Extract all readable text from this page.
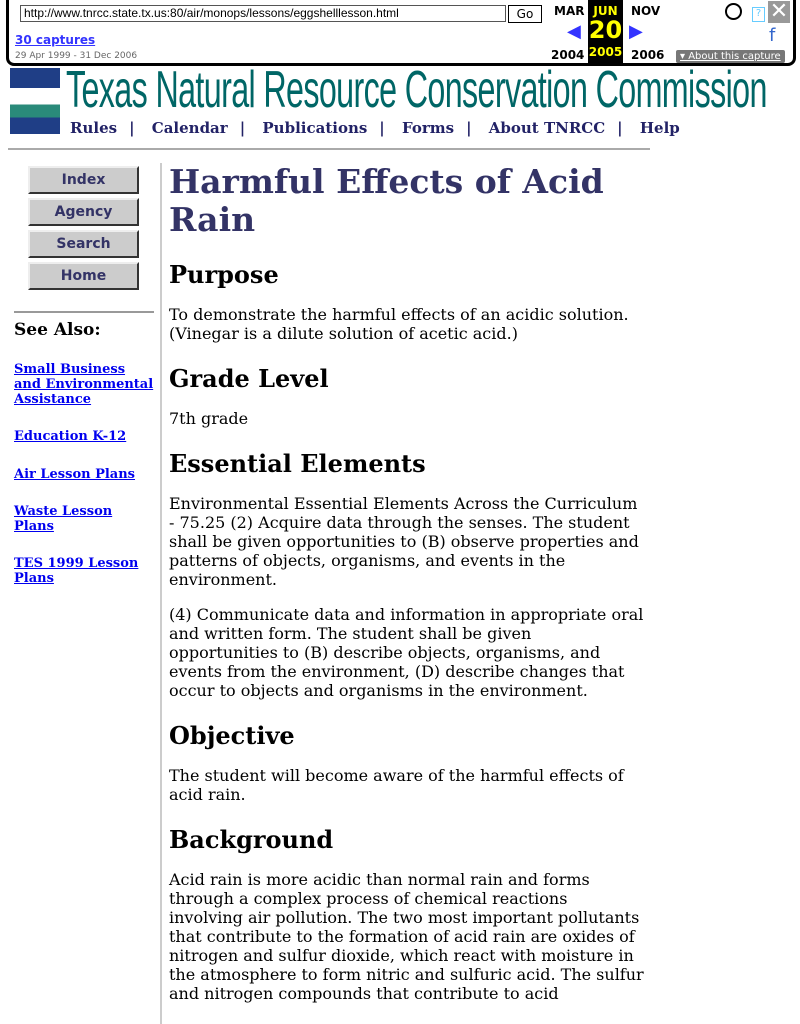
http://www.tnrcc.state.tx.us:80/air/monops/lessons/eggshelllesson.html	Go
30 captures
29 Apr 1999 - 31 Dec 2006
MAR
◀
2004
JUN
20
2005
NOV
▶
2006
? ✕
f
▾ About this capture
Texas Natural Resource Conservation Commission
Rules | Calendar | Publications | Forms | About TNRCC | Help
Index
Agency
Search
Home
See Also:
Small Business and Environmental Assistance
Education K-12
Air Lesson Plans
Waste Lesson Plans
TES 1999 Lesson Plans
Harmful Effects of Acid Rain
Purpose

To demonstrate the harmful effects of an acidic solution. (Vinegar is a dilute solution of acetic acid.)

Grade Level

7th grade

Essential Elements

Environmental Essential Elements Across the Curriculum - 75.25 (2) Acquire data through the senses. The student shall be given opportunities to (B) observe properties and patterns of objects, organisms, and events in the environment.

(4) Communicate data and information in appropriate oral and written form. The student shall be given opportunities to (B) describe objects, organisms, and events from the environment, (D) describe changes that occur to objects and organisms in the environment.

Objective

The student will become aware of the harmful effects of acid rain.

Background

Acid rain is more acidic than normal rain and forms through a complex process of chemical reactions involving air pollution. The two most important pollutants that contribute to the formation of acid rain are oxides of nitrogen and sulfur dioxide, which react with moisture in the atmosphere to form nitric and sulfuric acid. The sulfur and nitrogen compounds that contribute to acid
